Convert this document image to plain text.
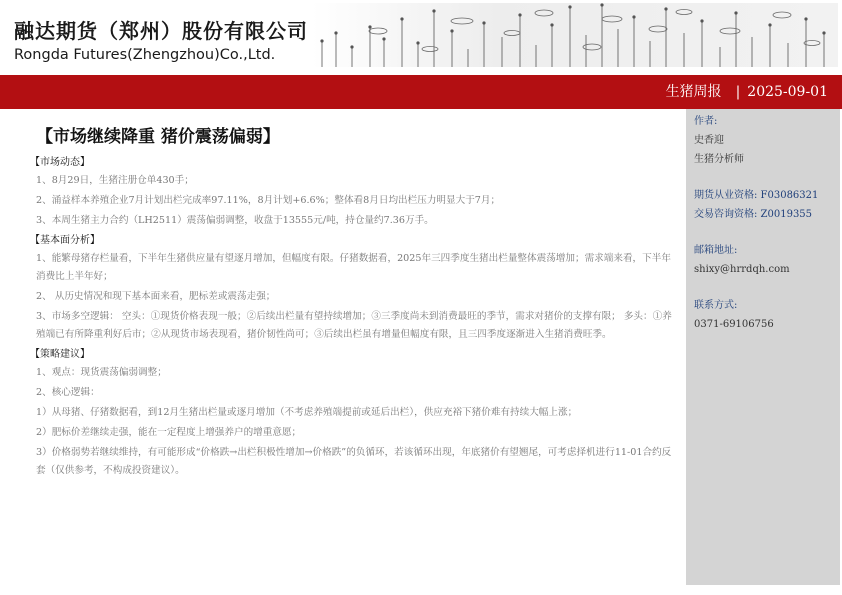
融达期货（郑州）股份有限公司
Rongda Futures(Zhengzhou)Co.,Ltd.
生猪周报 | 2025-09-01
作者:
史香迎
生猪分析师
期货从业资格: F03086321
交易咨询资格: Z0019355
邮箱地址:
shixy@hrrdqh.com
联系方式:
0371-69106756
【市场继续降重 猪价震荡偏弱】
【市场动态】
1、8月29日，生猪注册仓单430手；
2、涌益样本养殖企业7月计划出栏完成率97.11%，8月计划+6.6%；整体看8月日均出栏压力明显大于7月；
3、本周生猪主力合约（LH2511）震荡偏弱调整，收盘于13555元/吨，持仓量约7.36万手。
【基本面分析】
1、能繁母猪存栏量看，下半年生猪供应量有望逐月增加，但幅度有限。仔猪数据看，2025年三四季度生猪出栏量整体震荡增加；需求端来看，下半年消费比上半年好；
2、 从历史情况和现下基本面来看，肥标差或震荡走强；
3、市场多空逻辑： 空头：①现货价格表现一般；②后续出栏量有望持续增加；③三季度尚未到消费最旺的季节，需求对猪价的支撑有限； 多头：①养殖端已有所降重利好后市；②从现货市场表现看，猪价韧性尚可；③后续出栏虽有增量但幅度有限，且三四季度逐渐进入生猪消费旺季。
【策略建议】
1、观点：现货震荡偏弱调整；
2、核心逻辑：
1）从母猪、仔猪数据看，到12月生猪出栏量或逐月增加（不考虑养殖端提前或延后出栏），供应充裕下猪价难有持续大幅上涨；
2）肥标价差继续走强，能在一定程度上增强养户的增重意愿；
3）价格弱势若继续维持，有可能形成“价格跌→出栏积极性增加→价格跌”的负循环，若该循环出现，年底猪价有望翘尾，可考虑择机进行11-01合约反套（仅供参考，不构成投资建议）。
